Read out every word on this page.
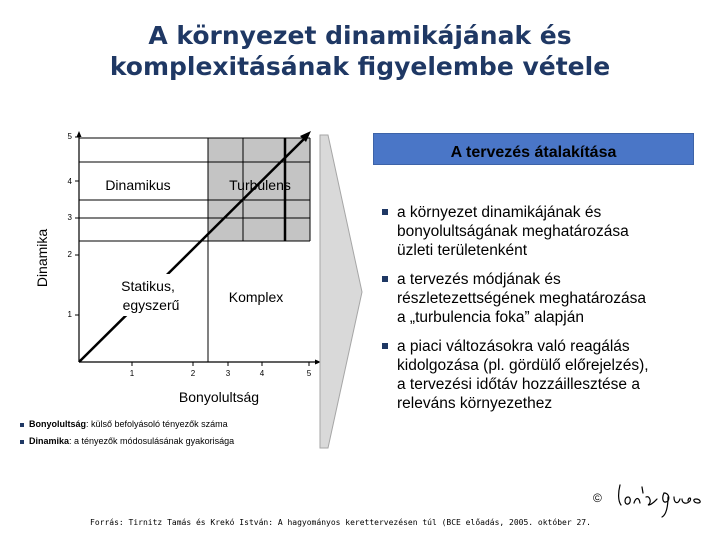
A környezet dinamikájának és
komplexitásának figyelembe vétele
5
4
3
2
1
1	2	3	4	5
Dinamikus	Turbulens
Statikus,
egyszerű	Komplex
Bonyolultság
Dinamika
Bonyolultság: külső befolyásoló tényezők száma
Dinamika: a tényezők módosulásának gyakorisága
A tervezés átalakítása
a környezet dinamikájának és
bonyolultságának meghatározása
üzleti területenként
a tervezés módjának és
részletezettségének meghatározása
a „turbulencia foka” alapján
a piaci változásokra való reagálás
kidolgozása (pl. gördülő előrejelzés),
a tervezési időtáv hozzáillesztése a
releváns környezethez
©
Forrás: Tirnitz Tamás és Krekó István: A hagyományos kerettervezésen túl (BCE előadás, 2005. október 27.
